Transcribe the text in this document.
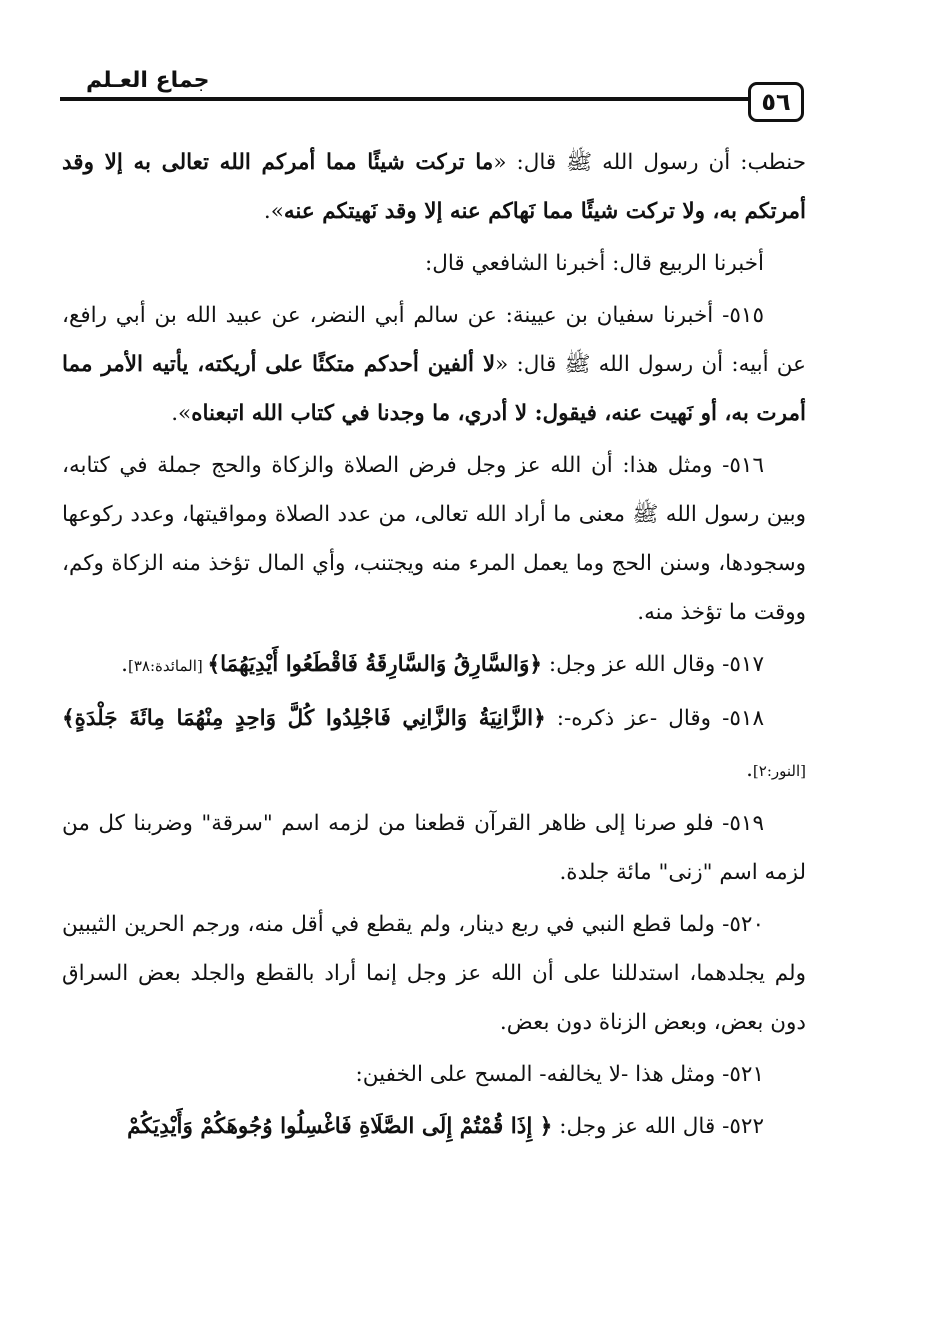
جماع العـلم
٥٦

حنطب: أن رسول الله ﷺ قال: «ما تركت شيئًا مما أمركم الله تعالى به إلا وقد أمرتكم به، ولا تركت شيئًا مما نَهاكم عنه إلا وقد نَهيتكم عنه».

أخبرنا الربيع قال: أخبرنا الشافعي قال:

٥١٥- أخبرنا سفيان بن عيينة: عن سالم أبي النضر، عن عبيد الله بن أبي رافع، عن أبيه: أن رسول الله ﷺ قال: «لا ألفين أحدكم متكئًا على أريكته، يأتيه الأمر مما أمرت به، أو نَهيت عنه، فيقول: لا أدري، ما وجدنا في كتاب الله اتبعناه».

٥١٦- ومثل هذا: أن الله عز وجل فرض الصلاة والزكاة والحج جملة في كتابه، وبين رسول الله ﷺ معنى ما أراد الله تعالى، من عدد الصلاة ومواقيتها، وعدد ركوعها وسجودها، وسنن الحج وما يعمل المرء منه ويجتنب، وأي المال تؤخذ منه الزكاة وكم، ووقت ما تؤخذ منه.

٥١٧- وقال الله عز وجل: ﴿وَالسَّارِقُ وَالسَّارِقَةُ فَاقْطَعُوا أَيْدِيَهُمَا﴾ [المائدة:٣٨].

٥١٨- وقال -عز ذكره-: ﴿الزَّانِيَةُ وَالزَّانِي فَاجْلِدُوا كُلَّ وَاحِدٍ مِنْهُمَا مِائَةَ جَلْدَةٍ﴾ [النور:٢].

٥١٩- فلو صرنا إلى ظاهر القرآن قطعنا من لزمه اسم "سرقة" وضربنا كل من لزمه اسم "زنى" مائة جلدة.

٥٢٠- ولما قطع النبي في ربع دينار، ولم يقطع في أقل منه، ورجم الحرين الثيبين ولم يجلدهما، استدللنا على أن الله عز وجل إنما أراد بالقطع والجلد بعض السراق دون بعض، وبعض الزناة دون بعض.

٥٢١- ومثل هذا -لا يخالفه- المسح على الخفين:

٥٢٢- قال الله عز وجل: ﴿ إِذَا قُمْتُمْ إِلَى الصَّلَاةِ فَاغْسِلُوا وُجُوهَكُمْ وَأَيْدِيَكُمْ
